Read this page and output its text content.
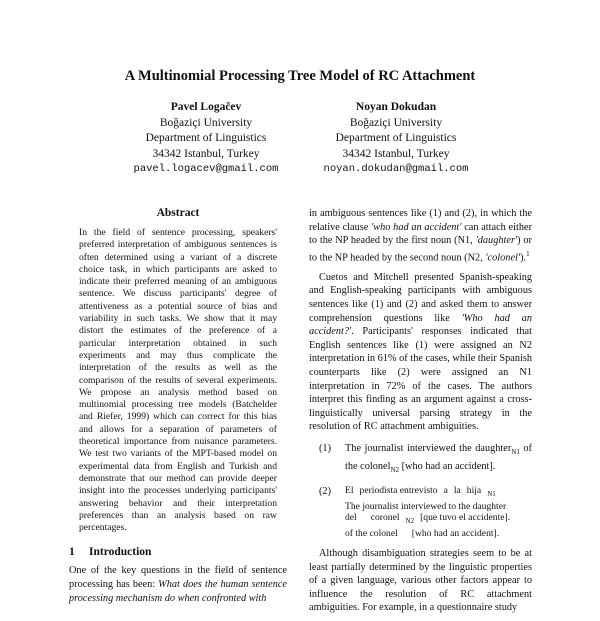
A Multinomial Processing Tree Model of RC Attachment
Pavel Logačev
Boğaziçi University
Department of Linguistics
34342 Istanbul, Turkey
pavel.logacev@gmail.com
Noyan Dokudan
Boğaziçi University
Department of Linguistics
34342 Istanbul, Turkey
noyan.dokudan@gmail.com
Abstract
In the field of sentence processing, speakers' preferred interpretation of ambiguous sentences is often determined using a variant of a discrete choice task, in which participants are asked to indicate their preferred meaning of an ambiguous sentence. We discuss participants' degree of attentiveness as a potential source of bias and variability in such tasks. We show that it may distort the estimates of the preference of a particular interpretation obtained in such experiments and may thus complicate the interpretation of the results as well as the comparison of the results of several experiments. We propose an analysis method based on multinomial processing tree models (Batchelder and Riefer, 1999) which can correct for this bias and allows for a separation of parameters of theoretical importance from nuisance parameters. We test two variants of the MPT-based model on experimental data from English and Turkish and demonstrate that our method can provide deeper insight into the processes underlying participants' answering behavior and their interpretation preferences than an analysis based on raw percentages.
1 Introduction
One of the key questions in the field of sentence processing has been: What does the human sentence processing mechanism do when confronted with

in ambiguous sentences like (1) and (2), in which the relative clause 'who had an accident' can attach either to the NP headed by the first noun (N1, 'daughter') or to the NP headed by the second noun (N2, 'colonel').$^1$

Cuetos and Mitchell presented Spanish-speaking and English-speaking participants with ambiguous sentences like (1) and (2) and asked them to answer comprehension questions like 'Who had an accident?'. Participants' responses indicated that English sentences like (1) were assigned an N2 interpretation in 61% of the cases, while their Spanish counterparts like (2) were assigned an N1 interpretation in 72% of the cases. The authors interpret this finding as an argument against a cross-linguistically universal parsing strategy in the resolution of RC attachment ambiguities.

(1)	The journalist interviewed the daughter$_{N1}$ of the colonel$_{N2}$ [who had an accident].
(2)	El periodista entrevisto a la hija $_{N1}$
The journalist interviewed to the daughter
del coronel $_{N2}$ [que tuvo el accidente].
of the colonel [who had an accident].

Although disambiguation strategies seem to be at least partially determined by the linguistic properties of a given language, various other factors appear to influence the resolution of RC attachment ambiguities. For example, in a questionnaire study
